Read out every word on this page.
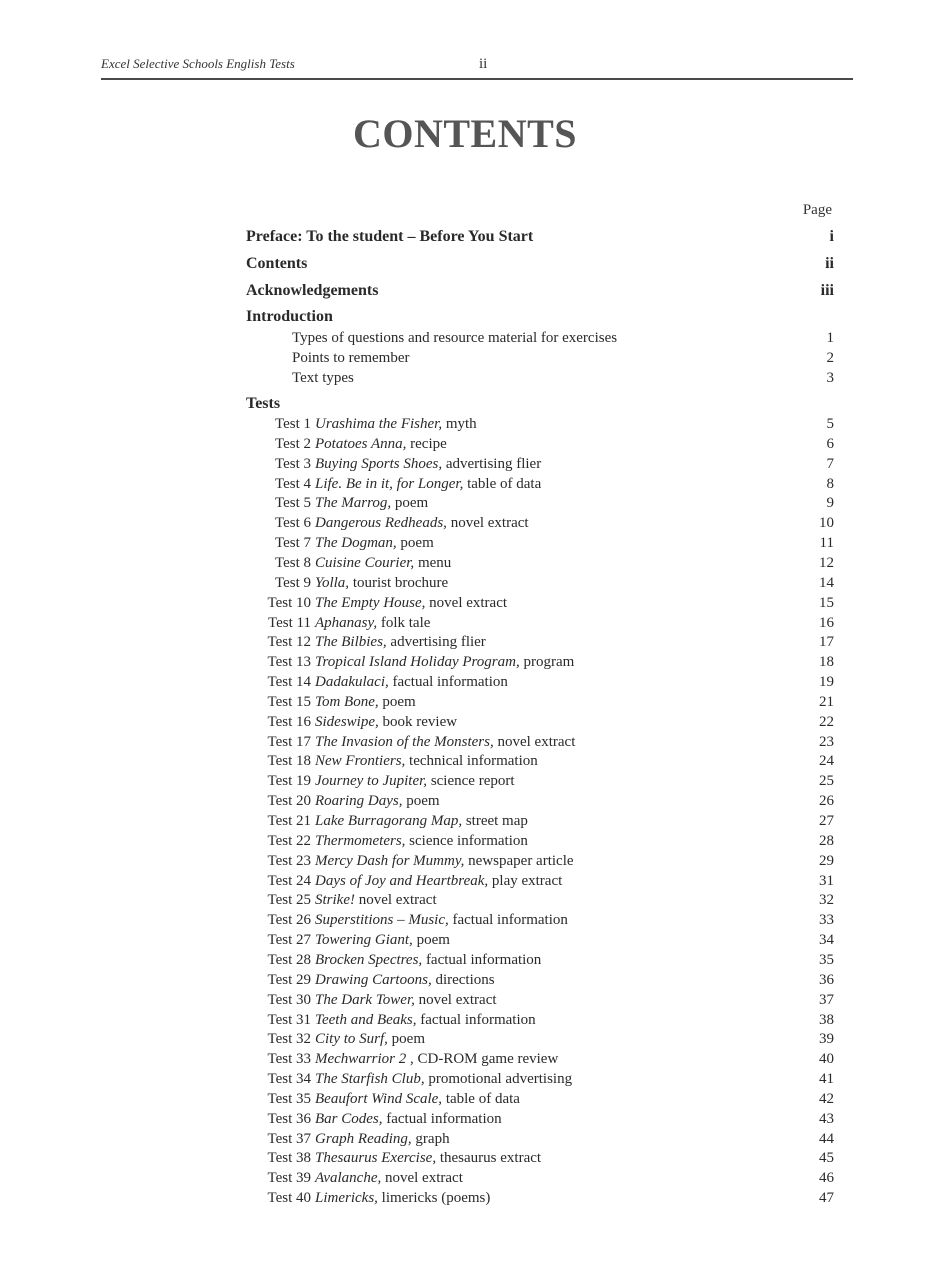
Excel Selective Schools English Tests	ii
CONTENTS
Page
Preface: To the student – Before You Start	i
Contents	ii
Acknowledgements	iii
Introduction
Types of questions and resource material for exercises	1
Points to remember	2
Text types	3
Tests
Test 1 Urashima the Fisher, myth	5
Test 2 Potatoes Anna, recipe	6
Test 3 Buying Sports Shoes, advertising flier	7
Test 4 Life. Be in it, for Longer, table of data	8
Test 5 The Marrog, poem	9
Test 6 Dangerous Redheads, novel extract	10
Test 7 The Dogman, poem	11
Test 8 Cuisine Courier, menu	12
Test 9 Yolla, tourist brochure	14
Test 10 The Empty House, novel extract	15
Test 11 Aphanasy, folk tale	16
Test 12 The Bilbies, advertising flier	17
Test 13 Tropical Island Holiday Program, program	18
Test 14 Dadakulaci, factual information	19
Test 15 Tom Bone, poem	21
Test 16 Sideswipe, book review	22
Test 17 The Invasion of the Monsters, novel extract	23
Test 18 New Frontiers, technical information	24
Test 19 Journey to Jupiter, science report	25
Test 20 Roaring Days, poem	26
Test 21 Lake Burragorang Map, street map	27
Test 22 Thermometers, science information	28
Test 23 Mercy Dash for Mummy, newspaper article	29
Test 24 Days of Joy and Heartbreak, play extract	31
Test 25 Strike! novel extract	32
Test 26 Superstitions – Music, factual information	33
Test 27 Towering Giant, poem	34
Test 28 Brocken Spectres, factual information	35
Test 29 Drawing Cartoons, directions	36
Test 30 The Dark Tower, novel extract	37
Test 31 Teeth and Beaks, factual information	38
Test 32 City to Surf, poem	39
Test 33 Mechwarrior 2 , CD-ROM game review	40
Test 34 The Starfish Club, promotional advertising	41
Test 35 Beaufort Wind Scale, table of data	42
Test 36 Bar Codes, factual information	43
Test 37 Graph Reading, graph	44
Test 38 Thesaurus Exercise, thesaurus extract	45
Test 39 Avalanche, novel extract	46
Test 40 Limericks, limericks (poems)	47
